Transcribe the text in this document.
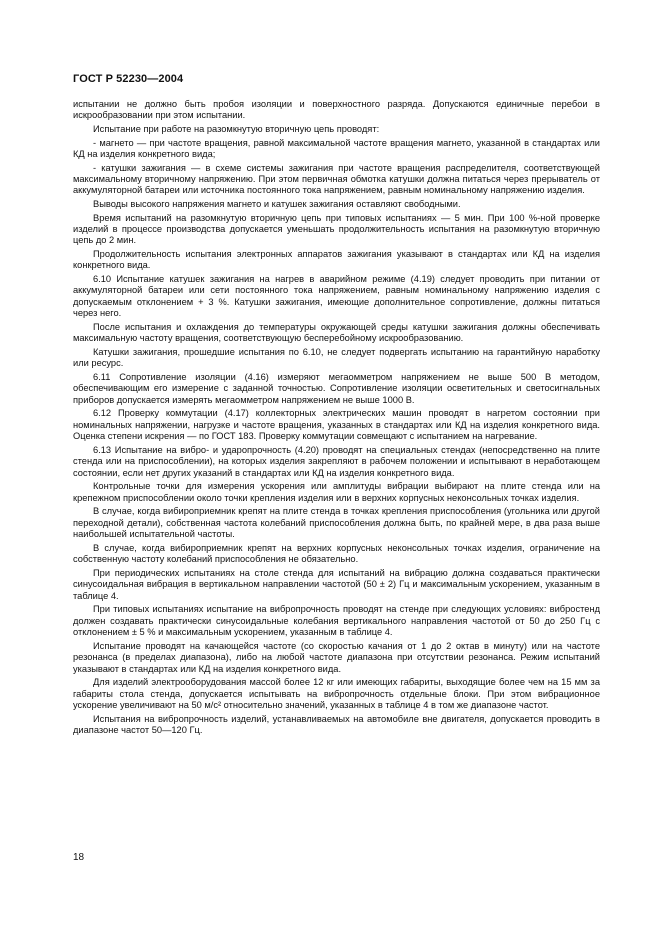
ГОСТ Р 52230—2004

испытании не должно быть пробоя изоляции и поверхностного разряда. Допускаются единичные перебои в искрообразовании при этом испытании.

Испытание при работе на разомкнутую вторичную цепь проводят:

- магнето — при частоте вращения, равной максимальной частоте вращения магнето, указанной в стандартах или КД на изделия конкретного вида;

- катушки зажигания — в схеме системы зажигания при частоте вращения распределителя, соответствующей максимальному вторичному напряжению. При этом первичная обмотка катушки должна питаться через прерыватель от аккумуляторной батареи или источника постоянного тока напряжением, равным номинальному напряжению изделия.

Выводы высокого напряжения магнето и катушек зажигания оставляют свободными.

Время испытаний на разомкнутую вторичную цепь при типовых испытаниях — 5 мин. При 100 %-ной проверке изделий в процессе производства допускается уменьшать продолжительность испытания на разомкнутую вторичную цепь до 2 мин.

Продолжительность испытания электронных аппаратов зажигания указывают в стандартах или КД на изделия конкретного вида.

6.10 Испытание катушек зажигания на нагрев в аварийном режиме (4.19) следует проводить при питании от аккумуляторной батареи или сети постоянного тока напряжением, равным номинальному напряжению изделия с допускаемым отклонением + 3 %. Катушки зажигания, имеющие дополнительное сопротивление, должны питаться через него.

После испытания и охлаждения до температуры окружающей среды катушки зажигания должны обеспечивать максимальную частоту вращения, соответствующую бесперебойному искрообразованию.

Катушки зажигания, прошедшие испытания по 6.10, не следует подвергать испытанию на гарантийную наработку или ресурс.

6.11 Сопротивление изоляции (4.16) измеряют мегаомметром напряжением не выше 500 В методом, обеспечивающим его измерение с заданной точностью. Сопротивление изоляции осветительных и светосигнальных приборов допускается измерять мегаомметром напряжением не выше 1000 В.

6.12 Проверку коммутации (4.17) коллекторных электрических машин проводят в нагретом состоянии при номинальных напряжении, нагрузке и частоте вращения, указанных в стандартах или КД на изделия конкретного вида. Оценка степени искрения — по ГОСТ 183. Проверку коммутации совмещают с испытанием на нагревание.

6.13 Испытание на вибро- и ударопрочность (4.20) проводят на специальных стендах (непосредственно на плите стенда или на приспособлении), на которых изделия закрепляют в рабочем положении и испытывают в неработающем состоянии, если нет других указаний в стандартах или КД на изделия конкретного вида.

Контрольные точки для измерения ускорения или амплитуды вибрации выбирают на плите стенда или на крепежном приспособлении около точки крепления изделия или в верхних корпусных неконсольных точках изделия.

В случае, когда вибироприемник крепят на плите стенда в точках крепления приспособления (угольника или другой переходной детали), собственная частота колебаний приспособления должна быть, по крайней мере, в два раза выше наибольшей испытательной частоты.

В случае, когда вибироприемник крепят на верхних корпусных неконсольных точках изделия, ограничение на собственную частоту колебаний приспособления не обязательно.

При периодических испытаниях на столе стенда для испытаний на вибрацию должна создаваться практически синусоидальная вибрация в вертикальном направлении частотой (50 ± 2) Гц и максимальным ускорением, указанным в таблице 4.

При типовых испытаниях испытание на вибропрочность проводят на стенде при следующих условиях: вибростенд должен создавать практически синусоидальные колебания вертикального направления частотой от 50 до 250 Гц с отклонением ± 5 % и максимальным ускорением, указанным в таблице 4.

Испытание проводят на качающейся частоте (со скоростью качания от 1 до 2 октав в минуту) или на частоте резонанса (в пределах диапазона), либо на любой частоте диапазона при отсутствии резонанса. Режим испытаний указывают в стандартах или КД на изделия конкретного вида.

Для изделий электрооборудования массой более 12 кг или имеющих габариты, выходящие более чем на 15 мм за габариты стола стенда, допускается испытывать на вибропрочность отдельные блоки. При этом вибрационное ускорение увеличивают на 50 м/с² относительно значений, указанных в таблице 4 в том же диапазоне частот.

Испытания на вибропрочность изделий, устанавливаемых на автомобиле вне двигателя, допускается проводить в диапазоне частот 50—120 Гц.

18
